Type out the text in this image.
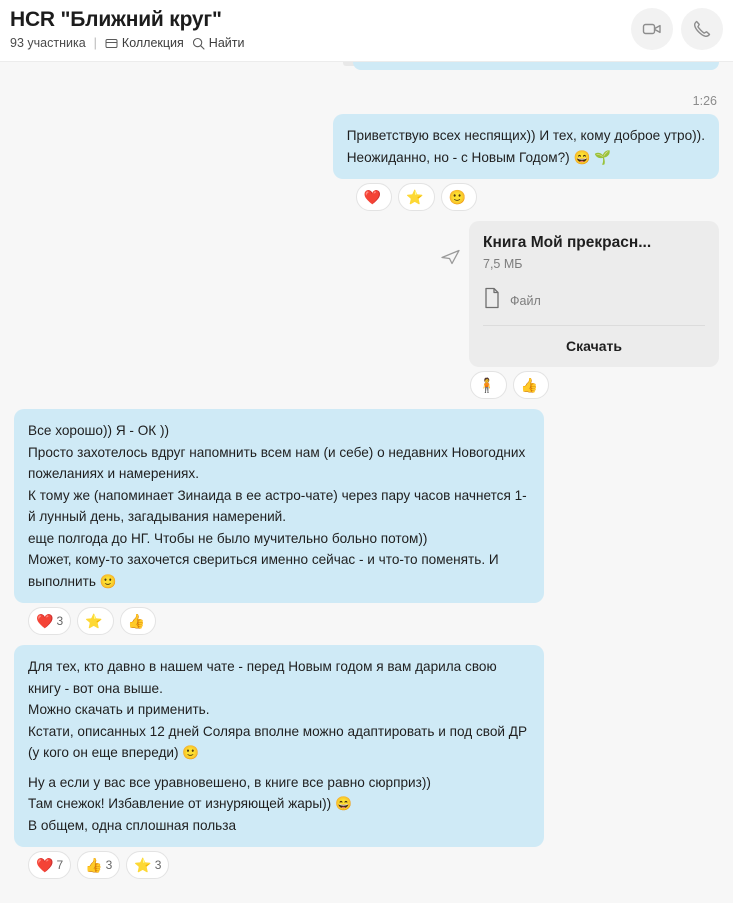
HCR "Ближний круг"
93 участника | Коллекция Найти
1:26

Приветствую всех неспящих)) И тех, кому доброе утро)).

Неожиданно, но - с Новым Годом?) 😄 🌱

❤️ ⭐ 🙂
Книга Мой прекрасн...
7,5 МБ
Файл
Скачать
🧍 👍

Все хорошо)) Я - ОК ))

Просто захотелось вдруг напомнить всем нам (и себе) о недавних Новогодних пожеланиях и намерениях.

К тому же (напоминает Зинаида в ее астро-чате) через пару часов начнется 1-й лунный день, загадывания намерений.

еще полгода до НГ. Чтобы не было мучительно больно потом))

Может, кому-то захочется свериться именно сейчас - и что-то поменять. И выполнить 🙂

❤️ 3 ⭐ 👍

Для тех, кто давно в нашем чате - перед Новым годом я вам дарила свою книгу - вот она выше.

Можно скачать и применить.

Кстати, описанных 12 дней Соляра вполне можно адаптировать и под свой ДР (у кого он еще впереди) 🙂

Ну а если у вас все уравновешено, в книге все равно сюрприз))

Там снежок! Избавление от изнуряющей жары)) 😄

В общем, одна сплошная польза

❤️ 7 👍 3 ⭐ 3
